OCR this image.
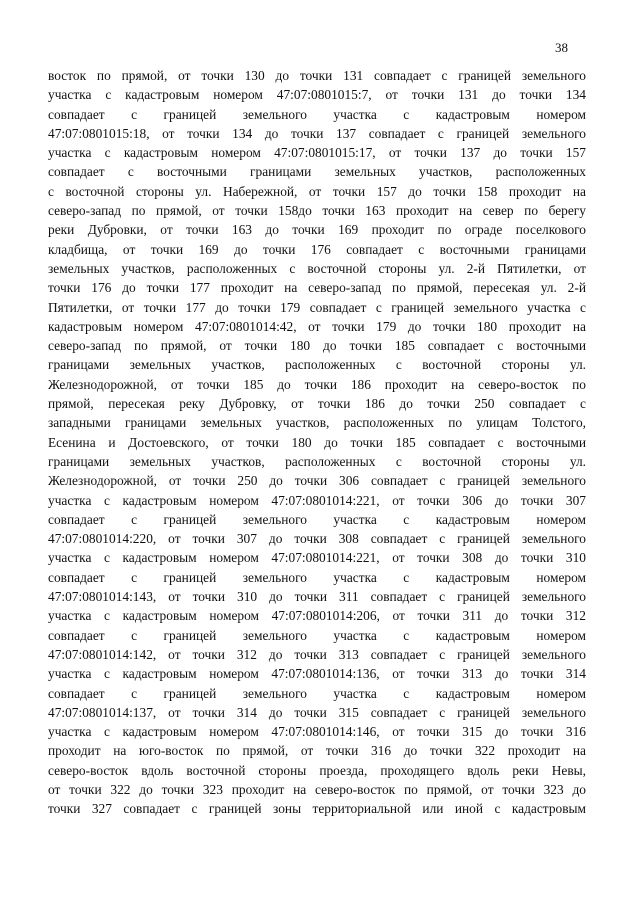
38
восток по прямой, от точки 130 до точки 131 совпадает с границей земельного
участка с кадастровым номером 47:07:0801015:7, от точки 131 до точки 134
совпадает с границей земельного участка с кадастровым номером
47:07:0801015:18, от точки 134 до точки 137 совпадает с границей земельного
участка с кадастровым номером 47:07:0801015:17, от точки 137 до точки 157
совпадает с восточными границами земельных участков, расположенных
с восточной стороны ул. Набережной, от точки 157 до точки 158 проходит на
северо-запад по прямой, от точки 158до точки 163 проходит на север по берегу
реки Дубровки, от точки 163 до точки 169 проходит по ограде поселкового
кладбища, от точки 169 до точки 176 совпадает с восточными границами
земельных участков, расположенных с восточной стороны ул. 2-й Пятилетки, от
точки 176 до точки 177 проходит на северо-запад по прямой, пересекая ул. 2-й
Пятилетки, от точки 177 до точки 179 совпадает с границей земельного участка с
кадастровым номером 47:07:0801014:42, от точки 179 до точки 180 проходит на
северо-запад по прямой, от точки 180 до точки 185 совпадает с восточными
границами земельных участков, расположенных с восточной стороны ул.
Железнодорожной, от точки 185 до точки 186 проходит на северо-восток по
прямой, пересекая реку Дубровку, от точки 186 до точки 250 совпадает с
западными границами земельных участков, расположенных по улицам Толстого,
Есенина и Достоевского, от точки 180 до точки 185 совпадает с восточными
границами земельных участков, расположенных с восточной стороны ул.
Железнодорожной, от точки 250 до точки 306 совпадает с границей земельного
участка с кадастровым номером 47:07:0801014:221, от точки 306 до точки 307
совпадает с границей земельного участка с кадастровым номером
47:07:0801014:220, от точки 307 до точки 308 совпадает с границей земельного
участка с кадастровым номером 47:07:0801014:221, от точки 308 до точки 310
совпадает с границей земельного участка с кадастровым номером
47:07:0801014:143, от точки 310 до точки 311 совпадает с границей земельного
участка с кадастровым номером 47:07:0801014:206, от точки 311 до точки 312
совпадает с границей земельного участка с кадастровым номером
47:07:0801014:142, от точки 312 до точки 313 совпадает с границей земельного
участка с кадастровым номером 47:07:0801014:136, от точки 313 до точки 314
совпадает с границей земельного участка с кадастровым номером
47:07:0801014:137, от точки 314 до точки 315 совпадает с границей земельного
участка с кадастровым номером 47:07:0801014:146, от точки 315 до точки 316
проходит на юго-восток по прямой, от точки 316 до точки 322 проходит на
северо-восток вдоль восточной стороны проезда, проходящего вдоль реки Невы,
от точки 322 до точки 323 проходит на северо-восток по прямой, от точки 323 до
точки 327 совпадает с границей зоны территориальной или иной с кадастровым
